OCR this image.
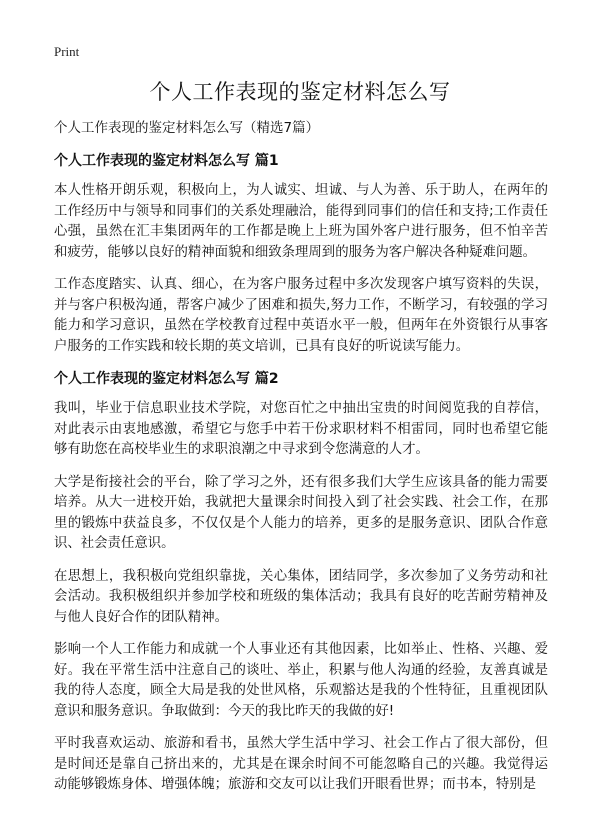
Print
个人工作表现的鉴定材料怎么写

个人工作表现的鉴定材料怎么写（精选7篇）

个人工作表现的鉴定材料怎么写 篇1

本人性格开朗乐观，积极向上，为人诚实、坦诚、与人为善、乐于助人，在两年的工作经历中与领导和同事们的关系处理融洽，能得到同事们的信任和支持;工作责任心强，虽然在汇丰集团两年的工作都是晚上上班为国外客户进行服务，但不怕辛苦和疲劳，能够以良好的精神面貌和细致条理周到的服务为客户解决各种疑难问题。

工作态度踏实、认真、细心，在为客户服务过程中多次发现客户填写资料的失误，并与客户积极沟通，帮客户减少了困难和损失,努力工作，不断学习，有较强的学习能力和学习意识，虽然在学校教育过程中英语水平一般，但两年在外资银行从事客户服务的工作实践和较长期的英文培训，已具有良好的听说读写能力。

个人工作表现的鉴定材料怎么写 篇2

我叫，毕业于信息职业技术学院，对您百忙之中抽出宝贵的时间阅览我的自荐信，对此表示由衷地感激，希望它与您手中若干份求职材料不相雷同，同时也希望它能够有助您在高校毕业生的求职浪潮之中寻求到令您满意的人才。

大学是衔接社会的平台，除了学习之外，还有很多我们大学生应该具备的能力需要培养。从大一进校开始，我就把大量课余时间投入到了社会实践、社会工作，在那里的锻炼中获益良多，不仅仅是个人能力的培养，更多的是服务意识、团队合作意识、社会责任意识。

在思想上，我积极向党组织靠拢，关心集体，团结同学，多次参加了义务劳动和社会活动。我积极组织并参加学校和班级的集体活动；我具有良好的吃苦耐劳精神及与他人良好合作的团队精神。

影响一个人工作能力和成就一个人事业还有其他因素，比如举止、性格、兴趣、爱好。我在平常生活中注意自己的谈吐、举止，积累与他人沟通的经验，友善真诚是我的待人态度，顾全大局是我的处世风格，乐观豁达是我的个性特征，且重视团队意识和服务意识。争取做到：今天的我比昨天的我做的好!

平时我喜欢运动、旅游和看书，虽然大学生活中学习、社会工作占了很大部份，但是时间还是靠自己挤出来的，尤其是在课余时间不可能忽略自己的兴趣。我觉得运动能够锻炼身体、增强体魄；旅游和交友可以让我们开眼看世界；而书本，特别是
